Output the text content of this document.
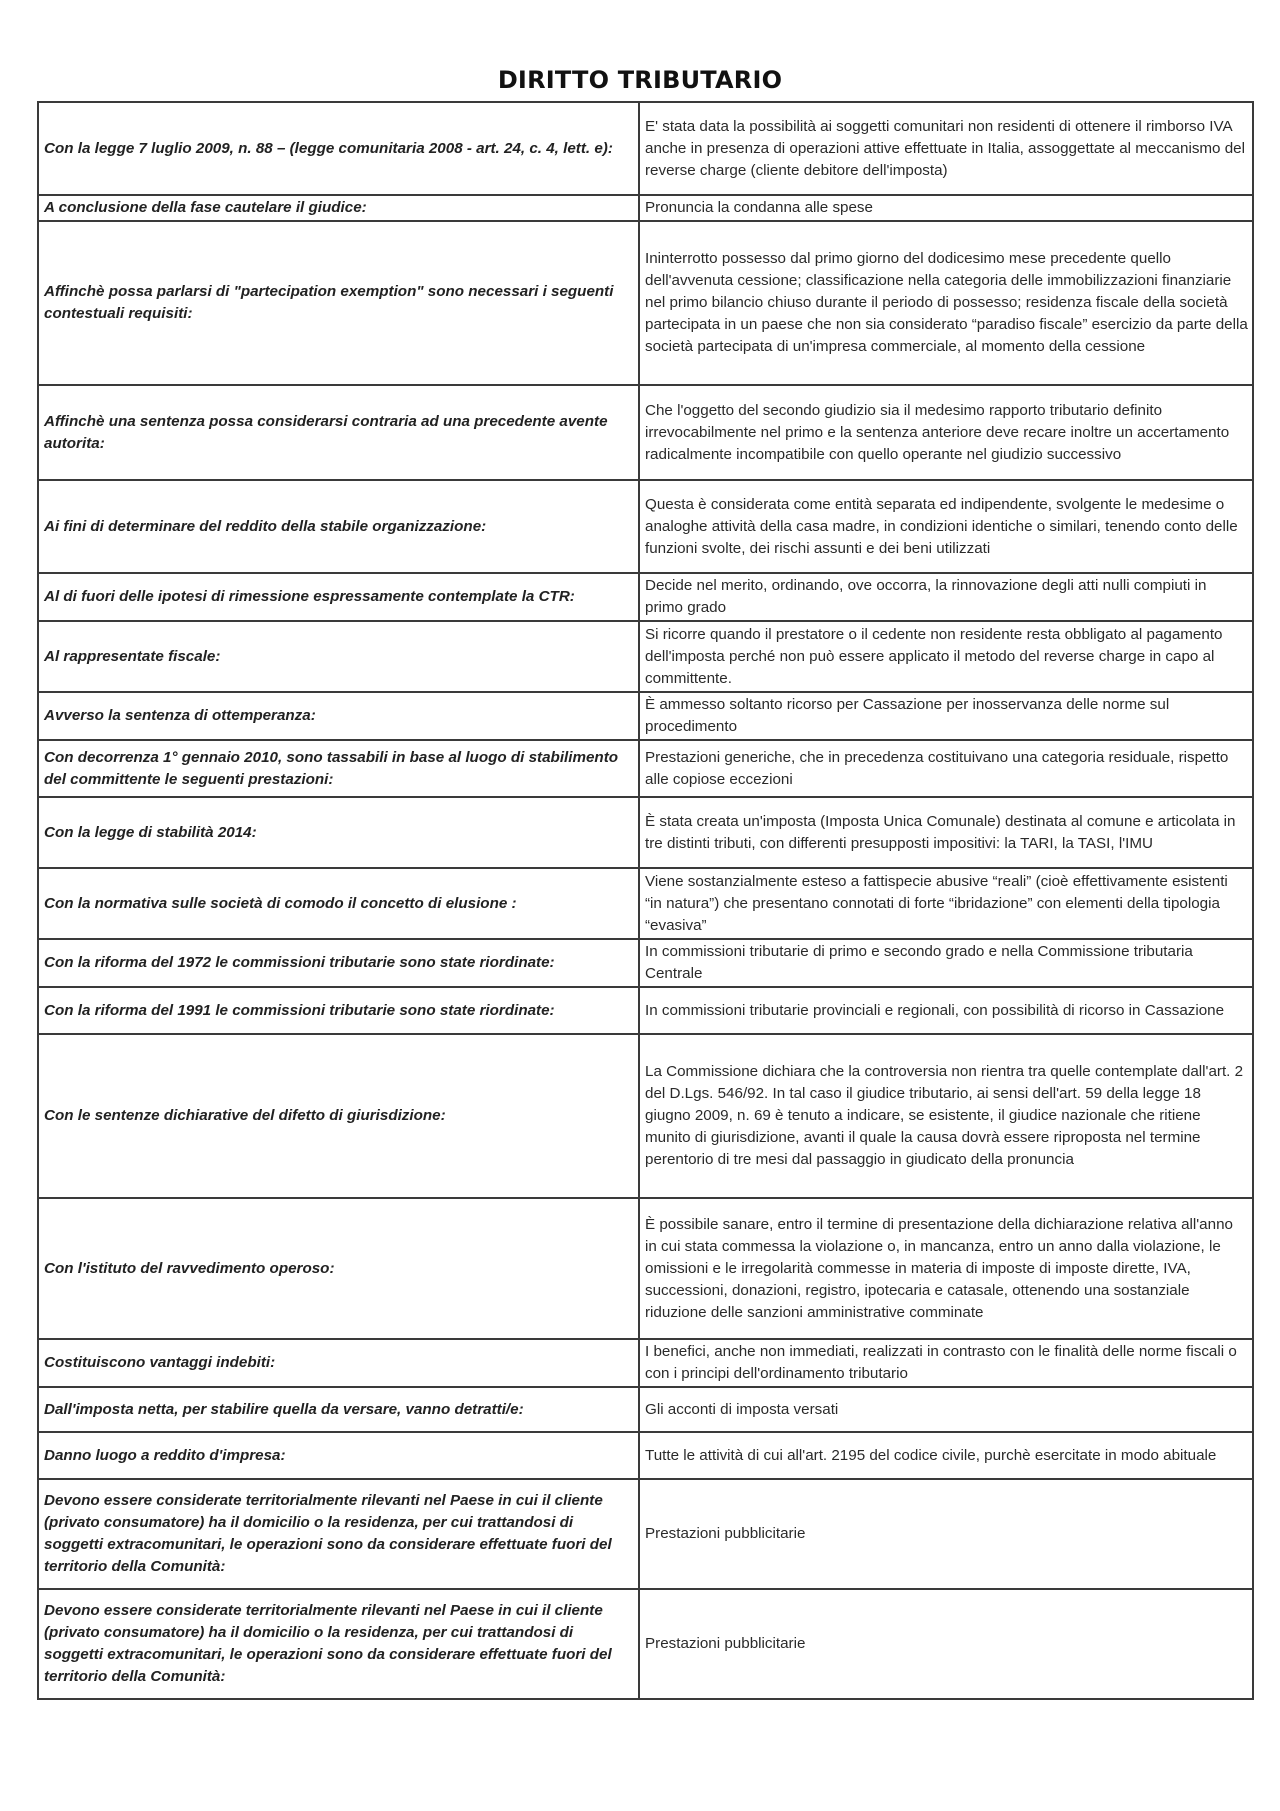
DIRITTO TRIBUTARIO
Con la legge 7 luglio 2009, n. 88 – (legge comunitaria 2008 - art. 24, c. 4, lett. e):	E' stata data la possibilità ai soggetti comunitari non residenti di ottenere il rimborso IVA anche in presenza di operazioni attive effettuate in Italia, assoggettate al meccanismo del reverse charge (cliente debitore dell'imposta)
A conclusione della fase cautelare il giudice:	Pronuncia la condanna alle spese
Affinchè possa parlarsi di "partecipation exemption" sono necessari i seguenti contestuali requisiti:	Ininterrotto possesso dal primo giorno del dodicesimo mese precedente quello dell'avvenuta cessione; classificazione nella categoria delle immobilizzazioni finanziarie nel primo bilancio chiuso durante il periodo di possesso; residenza fiscale della società partecipata in un paese che non sia considerato “paradiso fiscale” esercizio da parte della società partecipata di un'impresa commerciale, al momento della cessione
Affinchè una sentenza possa considerarsi contraria ad una precedente avente autorita:	Che l'oggetto del secondo giudizio sia il medesimo rapporto tributario definito irrevocabilmente nel primo e la sentenza anteriore deve recare inoltre un accertamento radicalmente incompatibile con quello operante nel giudizio successivo
Ai fini di determinare del reddito della stabile organizzazione:	Questa è considerata come entità separata ed indipendente, svolgente le medesime o analoghe attività della casa madre, in condizioni identiche o similari, tenendo conto delle funzioni svolte, dei rischi assunti e dei beni utilizzati
Al di fuori delle ipotesi di rimessione espressamente contemplate la CTR:	Decide nel merito, ordinando, ove occorra, la rinnovazione degli atti nulli compiuti in primo grado
Al rappresentate fiscale:	Si ricorre quando il prestatore o il cedente non residente resta obbligato al pagamento dell'imposta perché non può essere applicato il metodo del reverse charge in capo al committente.
Avverso la sentenza di ottemperanza:	È ammesso soltanto ricorso per Cassazione per inosservanza delle norme sul procedimento
Con decorrenza 1° gennaio 2010, sono tassabili in base al luogo di stabilimento del committente le seguenti prestazioni:	Prestazioni generiche, che in precedenza costituivano una categoria residuale, rispetto alle copiose eccezioni
Con la legge di stabilità 2014:	È stata creata un'imposta (Imposta Unica Comunale) destinata al comune e articolata in tre distinti tributi, con differenti presupposti impositivi: la TARI, la TASI, l'IMU
Con la normativa sulle società di comodo il concetto di elusione :	Viene sostanzialmente esteso a fattispecie abusive “reali” (cioè effettivamente esistenti “in natura”) che presentano connotati di forte “ibridazione” con elementi della tipologia “evasiva”
Con la riforma del 1972 le commissioni tributarie sono state riordinate:	In commissioni tributarie di primo e secondo grado e nella Commissione tributaria Centrale
Con la riforma del 1991 le commissioni tributarie sono state riordinate:	In commissioni tributarie provinciali e regionali, con possibilità di ricorso in Cassazione
Con le sentenze dichiarative del difetto di giurisdizione:	La Commissione dichiara che la controversia non rientra tra quelle contemplate dall'art. 2 del D.Lgs. 546/92. In tal caso il giudice tributario, ai sensi dell'art. 59 della legge 18 giugno 2009, n. 69 è tenuto a indicare, se esistente, il giudice nazionale che ritiene munito di giurisdizione, avanti il quale la causa dovrà essere riproposta nel termine perentorio di tre mesi dal passaggio in giudicato della pronuncia
Con l'istituto del ravvedimento operoso:	È possibile sanare, entro il termine di presentazione della dichiarazione relativa all'anno in cui stata commessa la violazione o, in mancanza, entro un anno dalla violazione, le omissioni e le irregolarità commesse in materia di imposte di imposte dirette, IVA, successioni, donazioni, registro, ipotecaria e catasale, ottenendo una sostanziale riduzione delle sanzioni amministrative comminate
Costituiscono vantaggi indebiti:	I benefici, anche non immediati, realizzati in contrasto con le finalità delle norme fiscali o con i principi dell'ordinamento tributario
Dall'imposta netta, per stabilire quella da versare, vanno detratti/e:	Gli acconti di imposta versati
Danno luogo a reddito d'impresa:	Tutte le attività di cui all'art. 2195 del codice civile, purchè esercitate in modo abituale
Devono essere considerate territorialmente rilevanti nel Paese in cui il cliente (privato consumatore) ha il domicilio o la residenza, per cui trattandosi di soggetti extracomunitari, le operazioni sono da considerare effettuate fuori del territorio della Comunità:	Prestazioni pubblicitarie
Devono essere considerate territorialmente rilevanti nel Paese in cui il cliente (privato consumatore) ha il domicilio o la residenza, per cui trattandosi di soggetti extracomunitari, le operazioni sono da considerare effettuate fuori del territorio della Comunità:	Prestazioni pubblicitarie
